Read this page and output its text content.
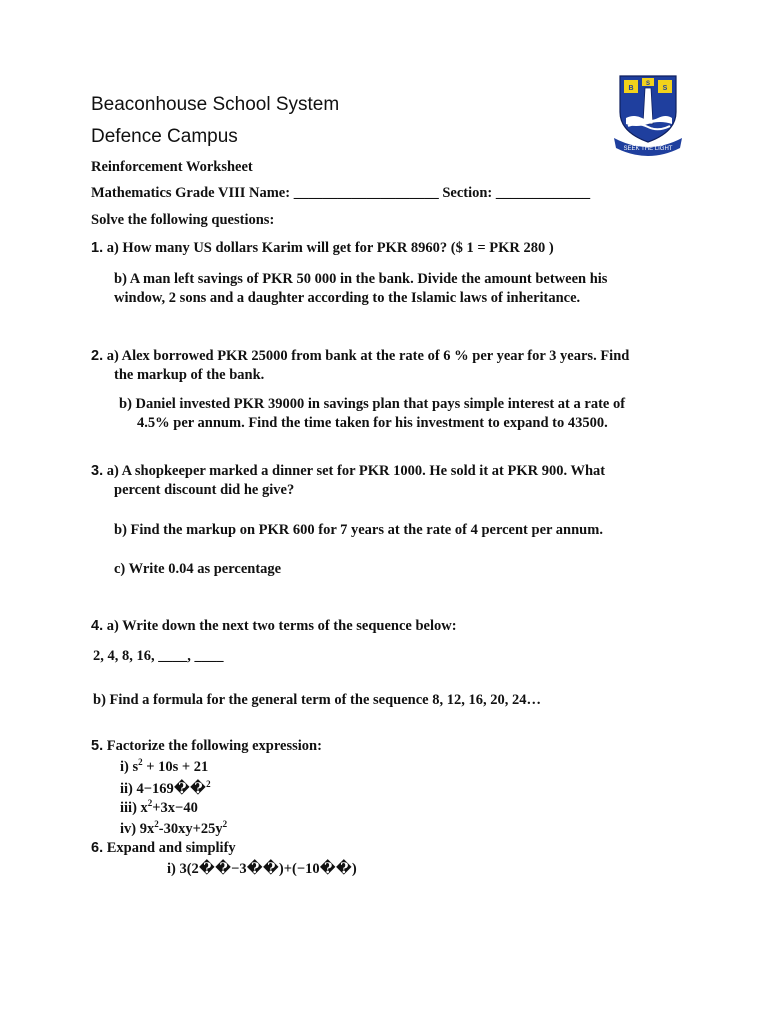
Beaconhouse School System
Defence Campus
Reinforcement Worksheet
Mathematics Grade VIII Name: ____________________ Section: _____________
B
S
S
SEEK THE LIGHT
Solve the following questions:
1. a) How many US dollars Karim will get for PKR 8960? ($ 1 = PKR 280 )
b) A man left savings of PKR 50 000 in the bank. Divide the amount between his
window, 2 sons and a daughter according to the Islamic laws of inheritance.
2. a) Alex borrowed PKR 25000 from bank at the rate of 6 % per year for 3 years. Find
the markup of the bank.
b) Daniel invested PKR 39000 in savings plan that pays simple interest at a rate of
4.5% per annum. Find the time taken for his investment to expand to 43500.
3. a) A shopkeeper marked a dinner set for PKR 1000. He sold it at PKR 900. What
percent discount did he give?
b) Find the markup on PKR 600 for 7 years at the rate of 4 percent per annum.
c) Write 0.04 as percentage
4. a) Write down the next two terms of the sequence below:
2, 4, 8, 16, ____, ____
b) Find a formula for the general term of the sequence 8, 12, 16, 20, 24…
5. Factorize the following expression:
i) $s^2 + 10s + 21$
ii) 4−169��$^2$
iii) $x^2+3x-40$
iv) $9x^2-30xy+25y^2$
6. Expand and simplify
i) 3(2��−3��)+(−10��)
